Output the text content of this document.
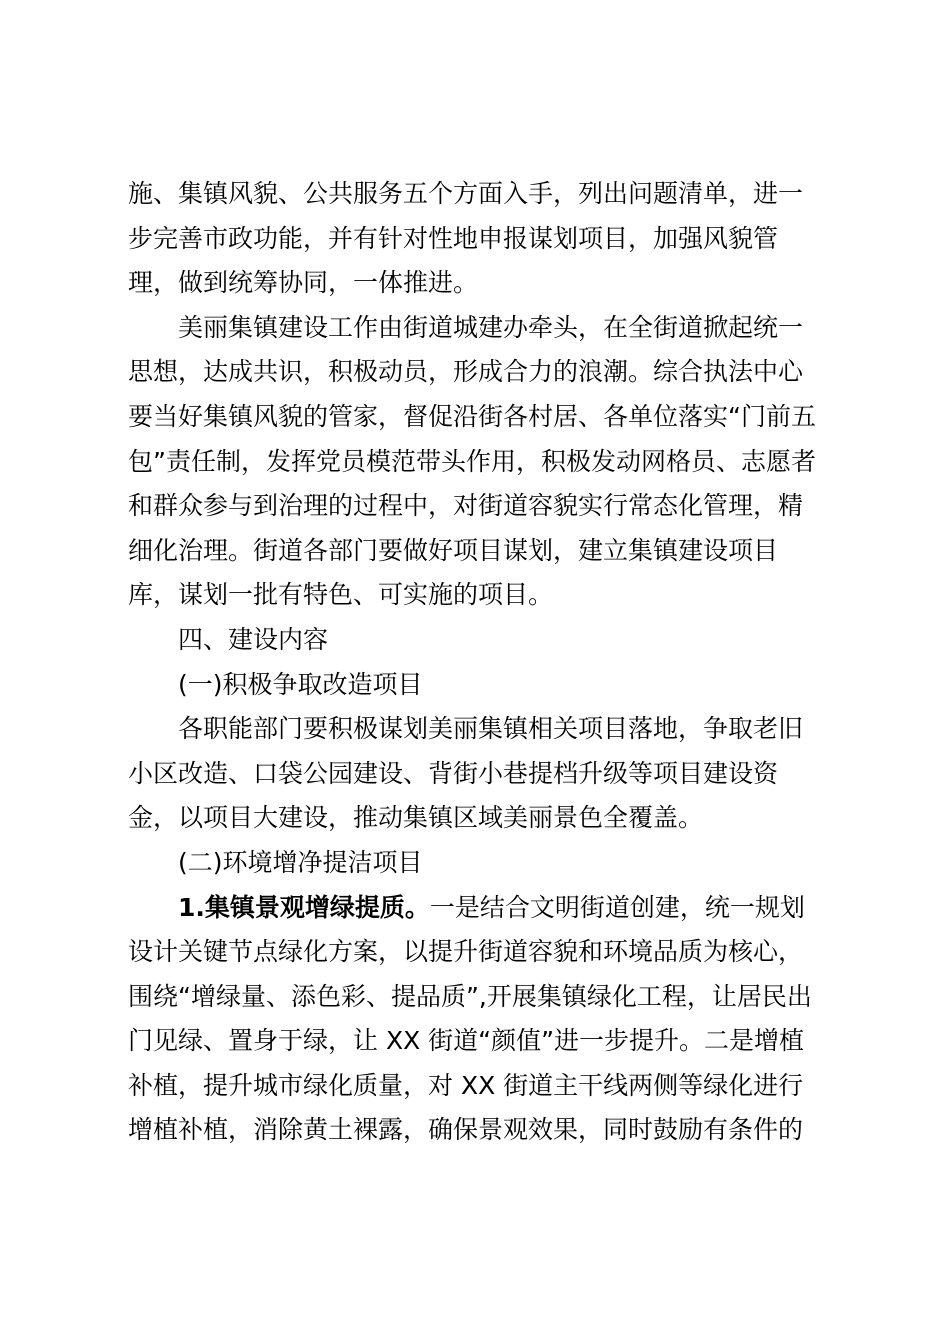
施、集镇风貌、公共服务五个方面入手，列出问题清单，进一
步完善市政功能，并有针对性地申报谋划项目，加强风貌管
理，做到统筹协同，一体推进。
美丽集镇建设工作由街道城建办牵头，在全街道掀起统一
思想，达成共识，积极动员，形成合力的浪潮。综合执法中心
要当好集镇风貌的管家，督促沿街各村居、各单位落实“门前五
包”责任制，发挥党员模范带头作用，积极发动网格员、志愿者
和群众参与到治理的过程中，对街道容貌实行常态化管理，精
细化治理。街道各部门要做好项目谋划，建立集镇建设项目
库，谋划一批有特色、可实施的项目。
四、建设内容
(一)积极争取改造项目
各职能部门要积极谋划美丽集镇相关项目落地，争取老旧
小区改造、口袋公园建设、背街小巷提档升级等项目建设资
金，以项目大建设，推动集镇区域美丽景色全覆盖。
(二)环境增净提洁项目
1.集镇景观增绿提质。一是结合文明街道创建，统一规划
设计关键节点绿化方案，以提升街道容貌和环境品质为核心，
围绕“增绿量、添色彩、提品质”,开展集镇绿化工程，让居民出
门见绿、置身于绿，让 XX 街道“颜值”进一步提升。二是增植
补植，提升城市绿化质量，对 XX 街道主干线两侧等绿化进行
增植补植，消除黄土裸露，确保景观效果，同时鼓励有条件的
